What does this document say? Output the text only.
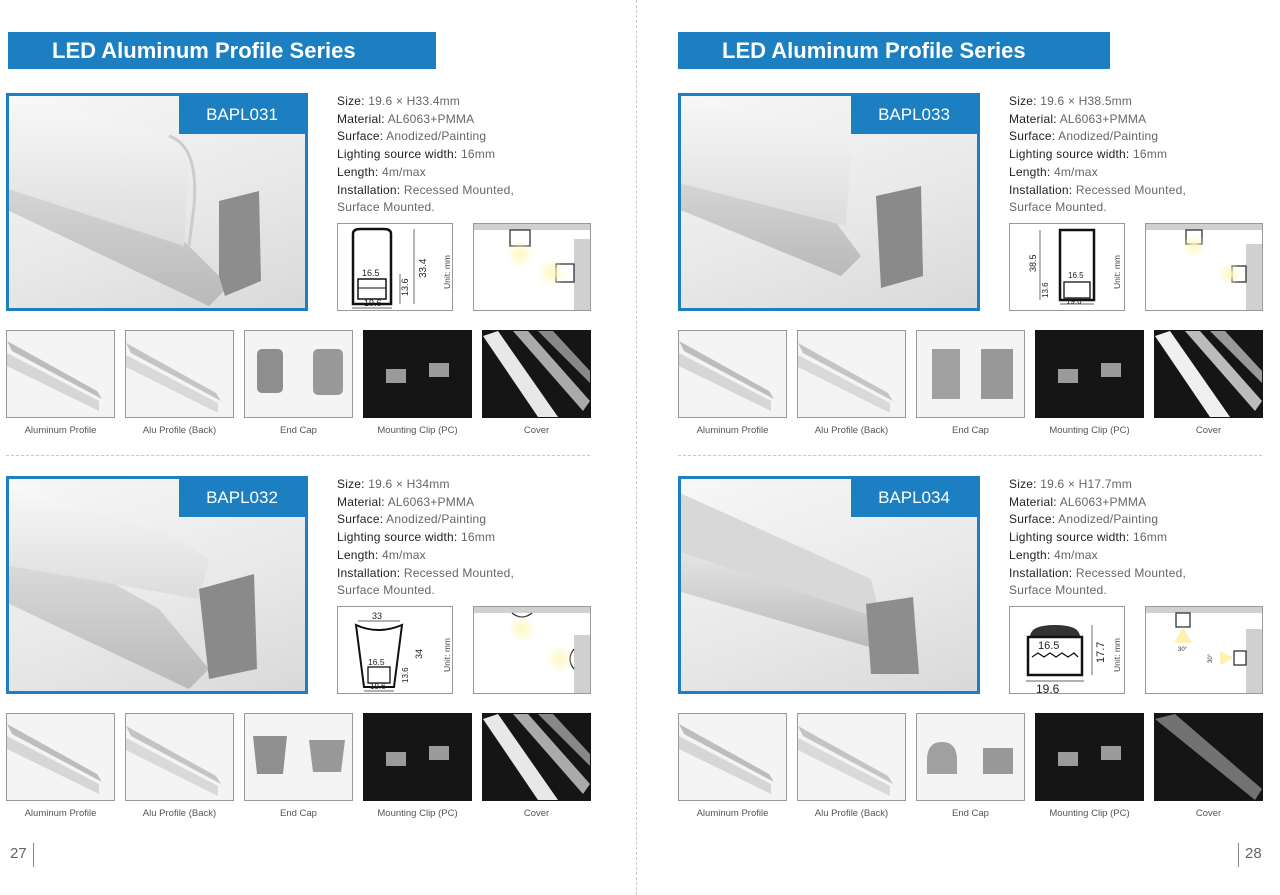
LED Aluminum Profile Series
BAPL031
Size: 19.6 × H33.4mm
Material: AL6063+PMMA
Surface: Anodized/Painting
Lighting source width: 16mm
Length: 4m/max
Installation: Recessed Mounted,
Surface Mounted.
16.5
19.6
13.6
33.4 Unit: mm
Aluminum Profile	Alu Profile (Back)	End Cap	Mounting Clip (PC)	Cover
BAPL032
Size: 19.6 × H34mm
Material: AL6063+PMMA
Surface: Anodized/Painting
Lighting source width: 16mm
Length: 4m/max
Installation: Recessed Mounted,
Surface Mounted.
33
16.5
19.6
13.6
34 Unit: mm
Aluminum Profile	Alu Profile (Back)	End Cap	Mounting Clip (PC)	Cover
27
LED Aluminum Profile Series
BAPL033
Size: 19.6 × H38.5mm
Material: AL6063+PMMA
Surface: Anodized/Painting
Lighting source width: 16mm
Length: 4m/max
Installation: Recessed Mounted,
Surface Mounted.
38.5
13.6
16.5
19.6
Unit: mm
Aluminum Profile	Alu Profile (Back)	End Cap	Mounting Clip (PC)	Cover
BAPL034
Size: 19.6 × H17.7mm
Material: AL6063+PMMA
Surface: Anodized/Painting
Lighting source width: 16mm
Length: 4m/max
Installation: Recessed Mounted,
Surface Mounted.
16.5
19.6
17.7 Unit: mm	30°
30°
Aluminum Profile	Alu Profile (Back)	End Cap	Mounting Clip (PC)	Cover
28
